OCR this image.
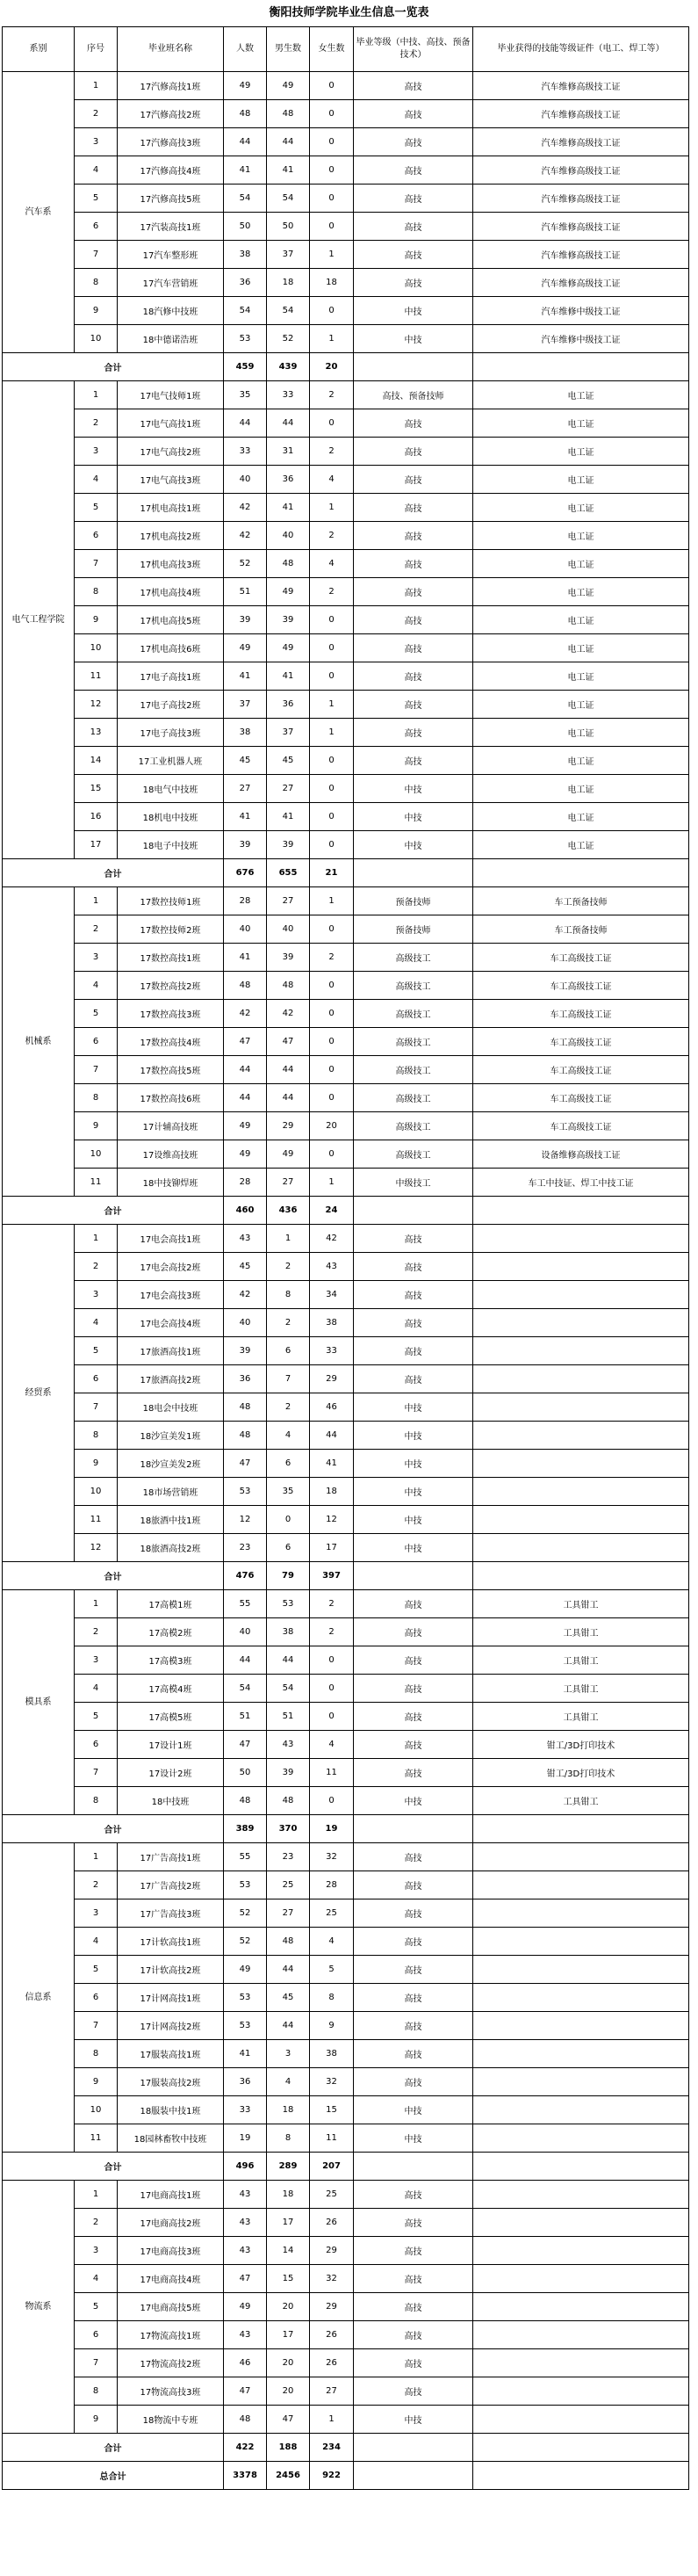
衡阳技师学院毕业生信息一览表
系别	序号	毕业班名称	人数	男生数	女生数	毕业等级（中技、高技、预备技术）	毕业获得的技能等级证件（电工、焊工等）
汽车系	1	17汽修高技1班	49	49	0	高技	汽车维修高级技工证
	2	17汽修高技2班	48	48	0	高技	汽车维修高级技工证
	3	17汽修高技3班	44	44	0	高技	汽车维修高级技工证
	4	17汽修高技4班	41	41	0	高技	汽车维修高级技工证
	5	17汽修高技5班	54	54	0	高技	汽车维修高级技工证
	6	17汽装高技1班	50	50	0	高技	汽车维修高级技工证
	7	17汽车整形班	38	37	1	高技	汽车维修高级技工证
	8	17汽车营销班	36	18	18	高技	汽车维修高级技工证
	9	18汽修中技班	54	54	0	中技	汽车维修中级技工证
	10	18中德诺浩班	53	52	1	中技	汽车维修中级技工证
合计			459	439	20		
电气工程学院	1	17电气技师1班	35	33	2	高技、预备技师	电工证
	2	17电气高技1班	44	44	0	高技	电工证
	3	17电气高技2班	33	31	2	高技	电工证
	4	17电气高技3班	40	36	4	高技	电工证
	5	17机电高技1班	42	41	1	高技	电工证
	6	17机电高技2班	42	40	2	高技	电工证
	7	17机电高技3班	52	48	4	高技	电工证
	8	17机电高技4班	51	49	2	高技	电工证
	9	17机电高技5班	39	39	0	高技	电工证
	10	17机电高技6班	49	49	0	高技	电工证
	11	17电子高技1班	41	41	0	高技	电工证
	12	17电子高技2班	37	36	1	高技	电工证
	13	17电子高技3班	38	37	1	高技	电工证
	14	17工业机器人班	45	45	0	高技	电工证
	15	18电气中技班	27	27	0	中技	电工证
	16	18机电中技班	41	41	0	中技	电工证
	17	18电子中技班	39	39	0	中技	电工证
合计			676	655	21		
机械系	1	17数控技师1班	28	27	1	预备技师	车工预备技师
	2	17数控技师2班	40	40	0	预备技师	车工预备技师
	3	17数控高技1班	41	39	2	高级技工	车工高级技工证
	4	17数控高技2班	48	48	0	高级技工	车工高级技工证
	5	17数控高技3班	42	42	0	高级技工	车工高级技工证
	6	17数控高技4班	47	47	0	高级技工	车工高级技工证
	7	17数控高技5班	44	44	0	高级技工	车工高级技工证
	8	17数控高技6班	44	44	0	高级技工	车工高级技工证
	9	17计辅高技班	49	29	20	高级技工	车工高级技工证
	10	17设维高技班	49	49	0	高级技工	设备维修高级技工证
	11	18中技铆焊班	28	27	1	中级技工	车工中技证、焊工中技工证
合计			460	436	24		
经贸系	1	17电会高技1班	43	1	42	高技	
	2	17电会高技2班	45	2	43	高技	
	3	17电会高技3班	42	8	34	高技	
	4	17电会高技4班	40	2	38	高技	
	5	17旅酒高技1班	39	6	33	高技	
	6	17旅酒高技2班	36	7	29	高技	
	7	18电会中技班	48	2	46	中技	
	8	18沙宣美发1班	48	4	44	中技	
	9	18沙宣美发2班	47	6	41	中技	
	10	18市场营销班	53	35	18	中技	
	11	18旅酒中技1班	12	0	12	中技	
	12	18旅酒高技2班	23	6	17	中技	
合计			476	79	397		
模具系	1	17高模1班	55	53	2	高技	工具钳工
	2	17高模2班	40	38	2	高技	工具钳工
	3	17高模3班	44	44	0	高技	工具钳工
	4	17高模4班	54	54	0	高技	工具钳工
	5	17高模5班	51	51	0	高技	工具钳工
	6	17设计1班	47	43	4	高技	钳工/3D打印技术
	7	17设计2班	50	39	11	高技	钳工/3D打印技术
	8	18中技班	48	48	0	中技	工具钳工
合计			389	370	19		
信息系	1	17广告高技1班	55	23	32	高技	
	2	17广告高技2班	53	25	28	高技	
	3	17广告高技3班	52	27	25	高技	
	4	17计软高技1班	52	48	4	高技	
	5	17计软高技2班	49	44	5	高技	
	6	17计网高技1班	53	45	8	高技	
	7	17计网高技2班	53	44	9	高技	
	8	17服装高技1班	41	3	38	高技	
	9	17服装高技2班	36	4	32	高技	
	10	18服装中技1班	33	18	15	中技	
	11	18园林畜牧中技班	19	8	11	中技	
合计			496	289	207		
物流系	1	17电商高技1班	43	18	25	高技	
	2	17电商高技2班	43	17	26	高技	
	3	17电商高技3班	43	14	29	高技	
	4	17电商高技4班	47	15	32	高技	
	5	17电商高技5班	49	20	29	高技	
	6	17物流高技1班	43	17	26	高技	
	7	17物流高技2班	46	20	26	高技	
	8	17物流高技3班	47	20	27	高技	
	9	18物流中专班	48	47	1	中技	
合计			422	188	234		
总合计			3378	2456	922		
